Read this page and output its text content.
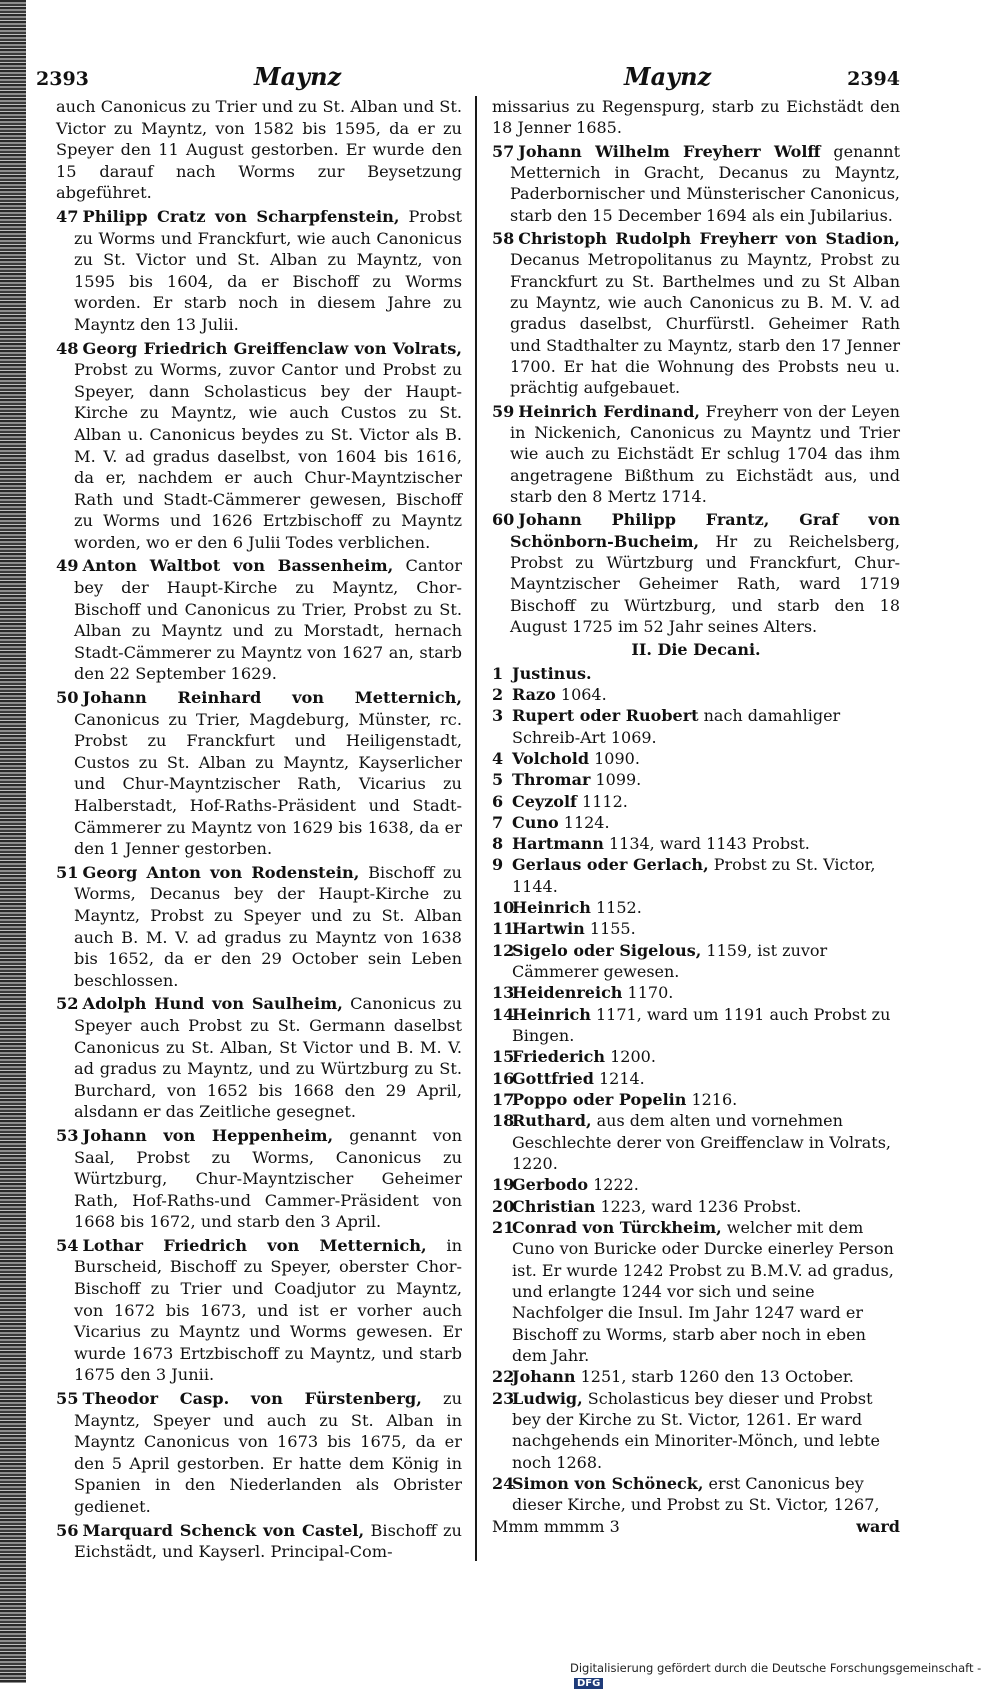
2393	Maynz	Maynz	2394
auch Canonicus zu Trier und zu St. Alban und St. Victor zu Mayntz, von 1582 bis 1595, da er zu Speyer den 11 August gestorben. Er wurde den 15 darauf nach Worms zur Beysetzung abgeführet.
47 Philipp Cratz von Scharpfenstein, Probst zu Worms und Franckfurt, wie auch Canonicus zu St. Victor und St. Alban zu Mayntz, von 1595 bis 1604, da er Bischoff zu Worms worden. Er starb noch in diesem Jahre zu Mayntz den 13 Julii.
48 Georg Friedrich Greiffenclaw von Volrats, Probst zu Worms, zuvor Cantor und Probst zu Speyer, dann Scholasticus bey der Haupt-Kirche zu Mayntz, wie auch Custos zu St. Alban u. Canonicus beydes zu St. Victor als B. M. V. ad gradus daselbst, von 1604 bis 1616, da er, nachdem er auch Chur-Mayntzischer Rath und Stadt-Cämmerer gewesen, Bischoff zu Worms und 1626 Ertzbischoff zu Mayntz worden, wo er den 6 Julii Todes verblichen.
49 Anton Waltbot von Bassenheim, Cantor bey der Haupt-Kirche zu Mayntz, Chor-Bischoff und Canonicus zu Trier, Probst zu St. Alban zu Mayntz und zu Morstadt, hernach Stadt-Cämmerer zu Mayntz von 1627 an, starb den 22 September 1629.
50 Johann Reinhard von Metternich, Canonicus zu Trier, Magdeburg, Münster, rc. Probst zu Franckfurt und Heiligenstadt, Custos zu St. Alban zu Mayntz, Kayserlicher und Chur-Mayntzischer Rath, Vicarius zu Halberstadt, Hof-Raths-Präsident und Stadt-Cämmerer zu Mayntz von 1629 bis 1638, da er den 1 Jenner gestorben.
51 Georg Anton von Rodenstein, Bischoff zu Worms, Decanus bey der Haupt-Kirche zu Mayntz, Probst zu Speyer und zu St. Alban auch B. M. V. ad gradus zu Mayntz von 1638 bis 1652, da er den 29 October sein Leben beschlossen.
52 Adolph Hund von Saulheim, Canonicus zu Speyer auch Probst zu St. Germann daselbst Canonicus zu St. Alban, St Victor und B. M. V. ad gradus zu Mayntz, und zu Würtzburg zu St. Burchard, von 1652 bis 1668 den 29 April, alsdann er das Zeitliche gesegnet.
53 Johann von Heppenheim, genannt von Saal, Probst zu Worms, Canonicus zu Würtzburg, Chur-Mayntzischer Geheimer Rath, Hof-Raths-und Cammer-Präsident von 1668 bis 1672, und starb den 3 April.
54 Lothar Friedrich von Metternich, in Burscheid, Bischoff zu Speyer, oberster Chor-Bischoff zu Trier und Coadjutor zu Mayntz, von 1672 bis 1673, und ist er vorher auch Vicarius zu Mayntz und Worms gewesen. Er wurde 1673 Ertzbischoff zu Mayntz, und starb 1675 den 3 Junii.
55 Theodor Casp. von Fürstenberg, zu Mayntz, Speyer und auch zu St. Alban in Mayntz Canonicus von 1673 bis 1675, da er den 5 April gestorben. Er hatte dem König in Spanien in den Niederlanden als Obrister gedienet.
56 Marquard Schenck von Castel, Bischoff zu Eichstädt, und Kayserl. Principal-Com-
missarius zu Regenspurg, starb zu Eichstädt den 18 Jenner 1685.
57 Johann Wilhelm Freyherr Wolff genannt Metternich in Gracht, Decanus zu Mayntz, Paderbornischer und Münsterischer Canonicus, starb den 15 December 1694 als ein Jubilarius.
58 Christoph Rudolph Freyherr von Stadion, Decanus Metropolitanus zu Mayntz, Probst zu Franckfurt zu St. Barthelmes und zu St Alban zu Mayntz, wie auch Canonicus zu B. M. V. ad gradus daselbst, Churfürstl. Geheimer Rath und Stadthalter zu Mayntz, starb den 17 Jenner 1700. Er hat die Wohnung des Probsts neu u. prächtig aufgebauet.
59 Heinrich Ferdinand, Freyherr von der Leyen in Nickenich, Canonicus zu Mayntz und Trier wie auch zu Eichstädt Er schlug 1704 das ihm angetragene Bißthum zu Eichstädt aus, und starb den 8 Mertz 1714.
60 Johann Philipp Frantz, Graf von Schönborn-Bucheim, Hr zu Reichelsberg, Probst zu Würtzburg und Franckfurt, Chur-Mayntzischer Geheimer Rath, ward 1719 Bischoff zu Würtzburg, und starb den 18 August 1725 im 52 Jahr seines Alters.
II. Die Decani.
1 Justinus.
2 Razo 1064.
3 Rupert oder Ruobert nach damahliger Schreib-Art 1069.
4 Volchold 1090.
5 Thromar 1099.
6 Ceyzolf 1112.
7 Cuno 1124.
8 Hartmann 1134, ward 1143 Probst.
9 Gerlaus oder Gerlach, Probst zu St. Victor, 1144.
10Heinrich 1152.
11Hartwin 1155.
12Sigelo oder Sigelous, 1159, ist zuvor Cämmerer gewesen.
13Heidenreich 1170.
14Heinrich 1171, ward um 1191 auch Probst zu Bingen.
15Friederich 1200.
16Gottfried 1214.
17Poppo oder Popelin 1216.
18Ruthard, aus dem alten und vornehmen Geschlechte derer von Greiffenclaw in Volrats, 1220.
19Gerbodo 1222.
20Christian 1223, ward 1236 Probst.
21Conrad von Türckheim, welcher mit dem Cuno von Buricke oder Durcke einerley Person ist. Er wurde 1242 Probst zu B.M.V. ad gradus, und erlangte 1244 vor sich und seine Nachfolger die Insul. Im Jahr 1247 ward er Bischoff zu Worms, starb aber noch in eben dem Jahr.
22Johann 1251, starb 1260 den 13 October.
23Ludwig, Scholasticus bey dieser und Probst bey der Kirche zu St. Victor, 1261. Er ward nachgehends ein Minoriter-Mönch, und lebte noch 1268.
24Simon von Schöneck, erst Canonicus bey dieser Kirche, und Probst zu St. Victor, 1267,
Mmm mmmm 3	ward
Digitalisierung gefördert durch die Deutsche Forschungsgemeinschaft - DFG
